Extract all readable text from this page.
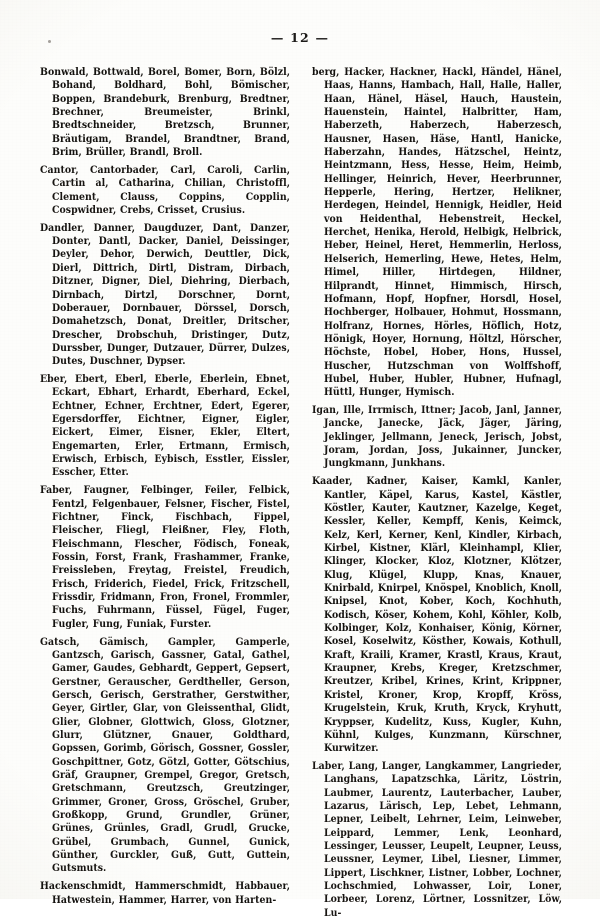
— 12 —

Bonwald, Bottwald, Borel, Bomer, Born, Bölzl, Bohand, Boldhard, Bohl, Bömischer, Boppen, Brandeburk, Brenburg, Bredtner, Brechner, Breumeister, Brinkl, Bredtschneider, Bretzsch, Brunner, Bräutigam, Brandel, Brandtner, Brand, Brim, Brüller, Brandl, Broll.

Cantor, Cantorbader, Carl, Caroli, Carlin, Cartin al, Catharina, Chilian, Christoffl, Clement, Clauss, Coppins, Copplin, Cospwidner, Crebs, Crisset, Crusius.

Dandler, Danner, Daugduzer, Dant, Danzer, Donter, Dantl, Dacker, Daniel, Deissinger, Deyler, Dehor, Derwich, Deuttler, Dick, Dierl, Dittrich, Dirtl, Distram, Dirbach, Ditzner, Digner, Diel, Diehring, Dierbach, Dirnbach, Dirtzl, Dorschner, Dornt, Doberauer, Dornbauer, Dörssel, Dorsch, Domahetzsch, Donat, Dreitler, Dritscher, Drescher, Drobschuh, Dristinger, Dutz, Durssber, Dunger, Dutzauer, Dürrer, Dulzes, Dutes, Duschner, Dypser.

Eber, Ebert, Eberl, Eberle, Eberlein, Ebnet, Eckart, Ebhart, Erhardt, Eberhard, Eckel, Echtner, Echner, Erchtner, Edert, Egerer, Egersdorffer, Eichtner, Eigner, Eigler, Eickert, Eimer, Eisner, Ekler, Eltert, Engemarten, Erler, Ertmann, Ermisch, Erwisch, Erbisch, Eybisch, Esstler, Eissler, Esscher, Etter.

Faber, Faugner, Felbinger, Feiler, Felbick, Fentzl, Felgenbauer, Felsner, Fischer, Fistel, Fichtner, Finck, Fischbach, Fippel, Fleischer, Fliegl, Fleißner, Fley, Floth, Fleischmann, Flescher, Födisch, Foneak, Fossin, Forst, Frank, Frashammer, Franke, Freissleben, Freytag, Freistel, Freudich, Frisch, Friderich, Fiedel, Frick, Fritzschell, Frissdir, Fridmann, Fron, Fronel, Frommler, Fuchs, Fuhrmann, Füssel, Fügel, Fuger, Fugler, Fung, Funiak, Furster.

Gatsch, Gämisch, Gampler, Gamperle, Gantzsch, Garisch, Gassner, Gatal, Gathel, Gamer, Gaudes, Gebhardt, Geppert, Gepsert, Gerstner, Gerauscher, Gerdtheller, Gerson, Gersch, Gerisch, Gerstrather, Gerstwither, Geyer, Girtler, Glar, von Gleissenthal, Glidt, Glier, Globner, Glottwich, Gloss, Glotzner, Glurr, Glützner, Gnauer, Goldthard, Gopssen, Gorimb, Görisch, Gossner, Gossler, Goschpittner, Gotz, Götzl, Gotter, Götschius, Gräf, Graupner, Grempel, Gregor, Gretsch, Gretschmann, Greutzsch, Greutzinger, Grimmer, Groner, Gross, Gröschel, Gruber, Großkopp, Grund, Grundler, Grüner, Grünes, Grünles, Gradl, Grudl, Grucke, Grübel, Grumbach, Gunnel, Gunick, Günther, Gurckler, Guß, Gutt, Guttein, Gutsmuts.

Hackenschmidt, Hammerschmidt, Habbauer, Hatwestein, Hammer, Harrer, von Harten-

berg, Hacker, Hackner, Hackl, Händel, Hänel, Haas, Hanns, Hambach, Hall, Halle, Haller, Haan, Hänel, Häsel, Hauch, Haustein, Hauenstein, Haintel, Halbritter, Ham, Haberzeth, Haberzech, Haberzesch, Hausner, Hasen, Häse, Hantl, Hanicke, Haberzahn, Handes, Hätzschel, Heintz, Heintzmann, Hess, Hesse, Heim, Heimb, Hellinger, Heinrich, Hever, Heerbrunner, Hepperle, Hering, Hertzer, Helikner, Herdegen, Heindel, Hennigk, Heidler, Heid von Heidenthal, Hebenstreit, Heckel, Herchet, Henika, Herold, Helbigk, Helbrick, Heber, Heinel, Heret, Hemmerlin, Herloss, Helserich, Hemerling, Hewe, Hetes, Helm, Himel, Hiller, Hirtdegen, Hildner, Hilprandt, Hinnet, Himmisch, Hirsch, Hofmann, Hopf, Hopfner, Horsdl, Hosel, Hochberger, Holbauer, Hohmut, Hossmann, Holfranz, Hornes, Hörles, Höflich, Hotz, Hönigk, Hoyer, Hornung, Höltzl, Hörscher, Höchste, Hobel, Hober, Hons, Hussel, Huscher, Hutzschman von Wolffshoff, Hubel, Huber, Hubler, Hubner, Hufnagl, Hüttl, Hunger, Hymisch.

Igan, Ille, Irrmisch, Ittner; Jacob, Janl, Janner, Jancke, Janecke, Jäck, Jäger, Järing, Jeklinger, Jellmann, Jeneck, Jerisch, Jobst, Joram, Jordan, Joss, Jukainner, Juncker, Jungkmann, Junkhans.

Kaader, Kadner, Kaiser, Kamkl, Kanler, Kantler, Käpel, Karus, Kastel, Kästler, Köstler, Kauter, Kautzner, Kazelge, Keget, Kessler, Keller, Kempff, Kenis, Keimck, Kelz, Kerl, Kerner, Kenl, Kindler, Kirbach, Kirbel, Kistner, Klärl, Kleinhampl, Klier, Klinger, Klocker, Kloz, Klotzner, Klötzer, Klug, Klügel, Klupp, Knas, Knauer, Knirbald, Knirpel, Knöspel, Knoblich, Knoll, Knipsel, Knot, Kober, Koch, Kochhuth, Kodisch, Köser, Kohem, Kohl, Köhler, Kolb, Kolbinger, Kolz, Konhaiser, König, Körner, Kosel, Koselwitz, Kösther, Kowais, Kothull, Kraft, Kraili, Kramer, Krastl, Kraus, Kraut, Kraupner, Krebs, Kreger, Kretzschmer, Kreutzer, Kribel, Krines, Krint, Krippner, Kristel, Kroner, Krop, Kropff, Kröss, Krugelstein, Kruk, Kruth, Kryck, Kryhutt, Kryppser, Kudelitz, Kuss, Kugler, Kuhn, Kühnl, Kulges, Kunzmann, Kürschner, Kurwitzer.

Laber, Lang, Langer, Langkammer, Langrieder, Langhans, Lapatzschka, Läritz, Löstrin, Laubmer, Laurentz, Lauterbacher, Lauber, Lazarus, Lärisch, Lep, Lebet, Lehmann, Lepner, Leibelt, Lehrner, Leim, Leinweber, Leippard, Lemmer, Lenk, Leonhard, Lessinger, Leusser, Leupelt, Leupner, Leuss, Leussner, Leymer, Libel, Liesner, Limmer, Lippert, Lischkner, Listner, Lobber, Lochner, Lochschmied, Lohwasser, Loir, Loner, Lorbeer, Lorenz, Lörtner, Lossnitzer, Löw, Lu-
